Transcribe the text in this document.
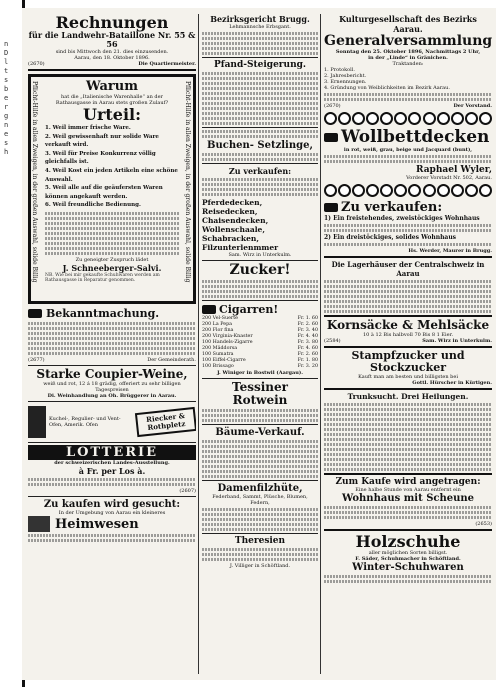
n
D
l
t
s
b
e
r
g
n
e
s
h
Rechnungen
für die Landwehr-Bataillone Nr. 55 & 56
sind bis Mittwoch den 21. dies einzusenden.
Aarau, den 18. Oktober 1896.
(2670)	Die Quartiermeister.
Pflicht-Hilfe in allen Zweigen, in der großen Auswahl, solide Billig	Pflicht-Hilfe in allen Zweigen, in der großen Auswahl, solide Billig
Warum
hat die „Italienische Warenhalle“ an der Rathausgasse in Aarau stets großen Zulauf?
Urteil:
1. Weil immer frische Ware.
2. Weil gewissenhaft nur solide Ware verkauft wird.
3. Weil für Preise Konkurrenz völlig gleichfalls ist.
4. Weil Kost ein jeden Artikeln eine schöne Auswahl.
5. Weil alle auf die geäufersten Waren können angekauft werden.
6. Weil freundliche Bedienung.
Zu geneigter Zuspruch lädet
J. Schneeberger-Salvi.
NB. Wie bei mir gekaufte Schuhwaren werden am Rathausgasse in Reparatur genommen.
Bekanntmachung.
(2677)	Der Gemeinderath.
Starke Coupier-Weine,
weiß und rot, 12 á 18 grädig, offeriert zu sehr billigen Tagespreisen
Di. Weinhandlung an Oh. Brüggerer in Aarau.
Kuchel-, Regulier- und Vent-Ofen, Amerik. Ofen
Riecker & Rothpletz
LOTTERIE
der schweizerischen Landes-Ausstellung.
à Fr. per Los à.
(2607)
Zu kaufen wird gesucht:
In der Umgebung von Aarau ein kleineres
Heimwesen
Bezirksgericht Brugg.
Lehmannsche Erbsgant.
Pfand-Steigerung.
Buchen- Setzlinge,
Zu verkaufen:
Pferdedecken,
Reisedecken,
Chaisendecken,
Wollenschaale,
Schabracken,
Filzunterlenmmer
Sam. Wirz in Unterkulm.
Zucker!
Cigarren!
200 Vel-Suerte	Fr. 1. 60
200 La Pepa	Fr. 2. 60
200 Flor fina	Fr. 3. 40
200 Virginia-Knaster	Fr. 4. 40
100 Handels-Zigarre	Fr. 3. 80
200 Mäddorsa	Fr. 4. 60
100 Sumatra	Fr. 2. 60
100 Eiffel-Cigarre	Fr. 1. 80
100 Brissago	Fr. 3. 20
J. Winiger in Bostwil (Aargau).
Tessiner
Rotwein
Bäume-Verkauf.
Damenfilzhüte,
Federband, Sammt, Plüsche, Blumen, Federn,
Theresien
J. Villiger in Schöftland.
Kulturgesellschaft des Bezirks Aarau.
Generalversammlung
Sonntag den 25. Oktober 1896, Nachmittags 2 Uhr,
in der „Linde“ in Gränichen.
Traktanden:
1. Protokoll.
2. Jahresbericht.
3. Ernennungen.
4. Gründung von Weiblichkeiten im Bezirk Aarau.
(2670)	Der Vorstand.
Wollbettdecken
in rot, weiß, grau, beige und Jacquard (bunt),
Raphael Wyler,
Vorderer Vorstadt Nr. 502, Aarau.
Zu verkaufen:
1) Ein freistehendes, zweistöckiges Wohnhaus
2) Ein dreistöckiges, solides Wohnhaus
Hs. Werder, Maurer in Brugg.
Die Lagerhäuser der Centralschweiz in Aarau
Kornsäcke & Mehlsäcke
10 à 12 Bis halbvoll 70 Bis 8 1 Eier.
(2584)	Sam. Wirz in Unterkulm.
Stampfzucker und Stockzucker
Kauft man am besten und billigsten bei
Gottl. Hürscher in Kürtigen.
Trunksucht. Drei Heilungen.
Zum Kaufe wird angetragen:
Eine halbe Stunde von Aarau entfernt ein
Wohnhaus mit Scheune
(2653)
Holzschuhe
aller möglichen Sorten billigst.
F. Säder, Schuhmacher in Schöftland.
Winter-Schuhwaren
